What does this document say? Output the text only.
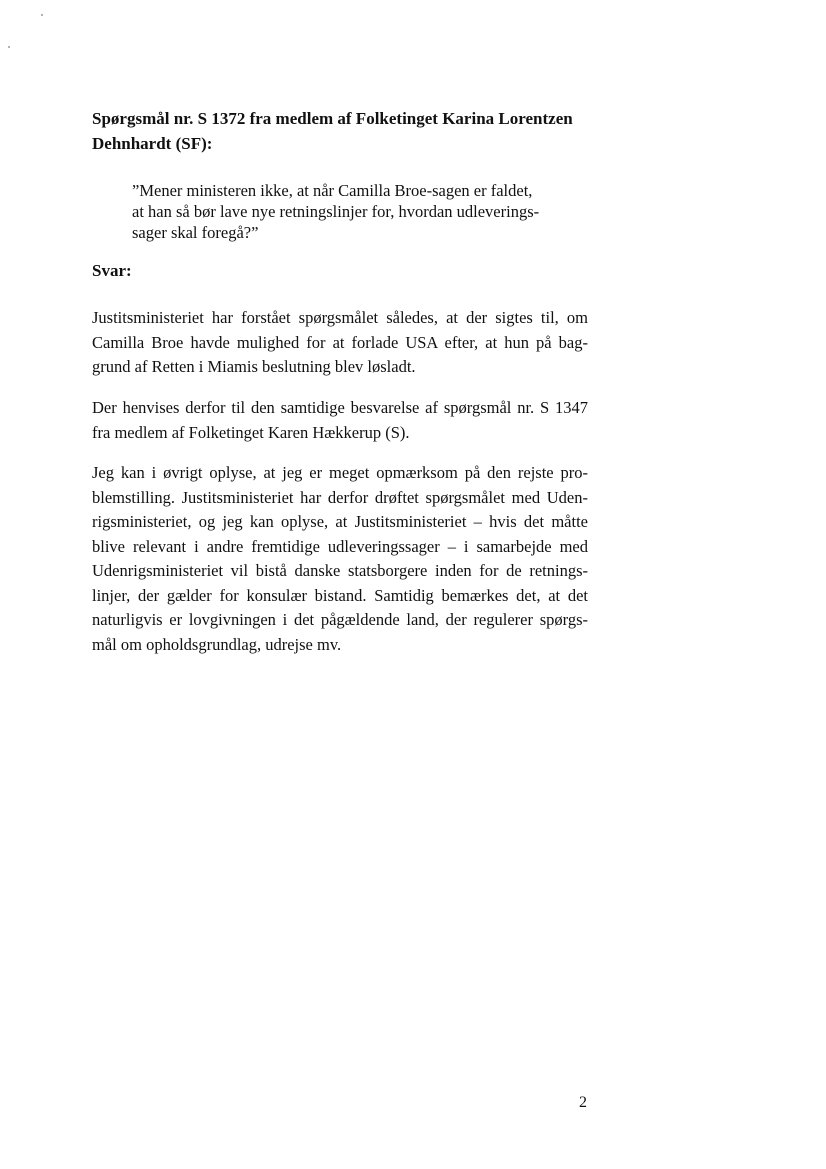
Spørgsmål nr. S 1372 fra medlem af Folketinget Karina Lorentzen
Dehnhardt (SF):

”Mener ministeren ikke, at når Camilla Broe-sagen er faldet,
at han så bør lave nye retningslinjer for, hvordan udleverings-
sager skal foregå?”

Svar:

Justitsministeriet har forstået spørgsmålet således, at der sigtes til, om
Camilla Broe havde mulighed for at forlade USA efter, at hun på bag-
grund af Retten i Miamis beslutning blev løsladt.

Der henvises derfor til den samtidige besvarelse af spørgsmål nr. S 1347
fra medlem af Folketinget Karen Hækkerup (S).

Jeg kan i øvrigt oplyse, at jeg er meget opmærksom på den rejste pro-
blemstilling. Justitsministeriet har derfor drøftet spørgsmålet med Uden-
rigsministeriet, og jeg kan oplyse, at Justitsministeriet – hvis det måtte
blive relevant i andre fremtidige udleveringssager – i samarbejde med
Udenrigsministeriet vil bistå danske statsborgere inden for de retnings-
linjer, der gælder for konsulær bistand. Samtidig bemærkes det, at det
naturligvis er lovgivningen i det pågældende land, der regulerer spørgs-
mål om opholdsgrundlag, udrejse mv.

2
